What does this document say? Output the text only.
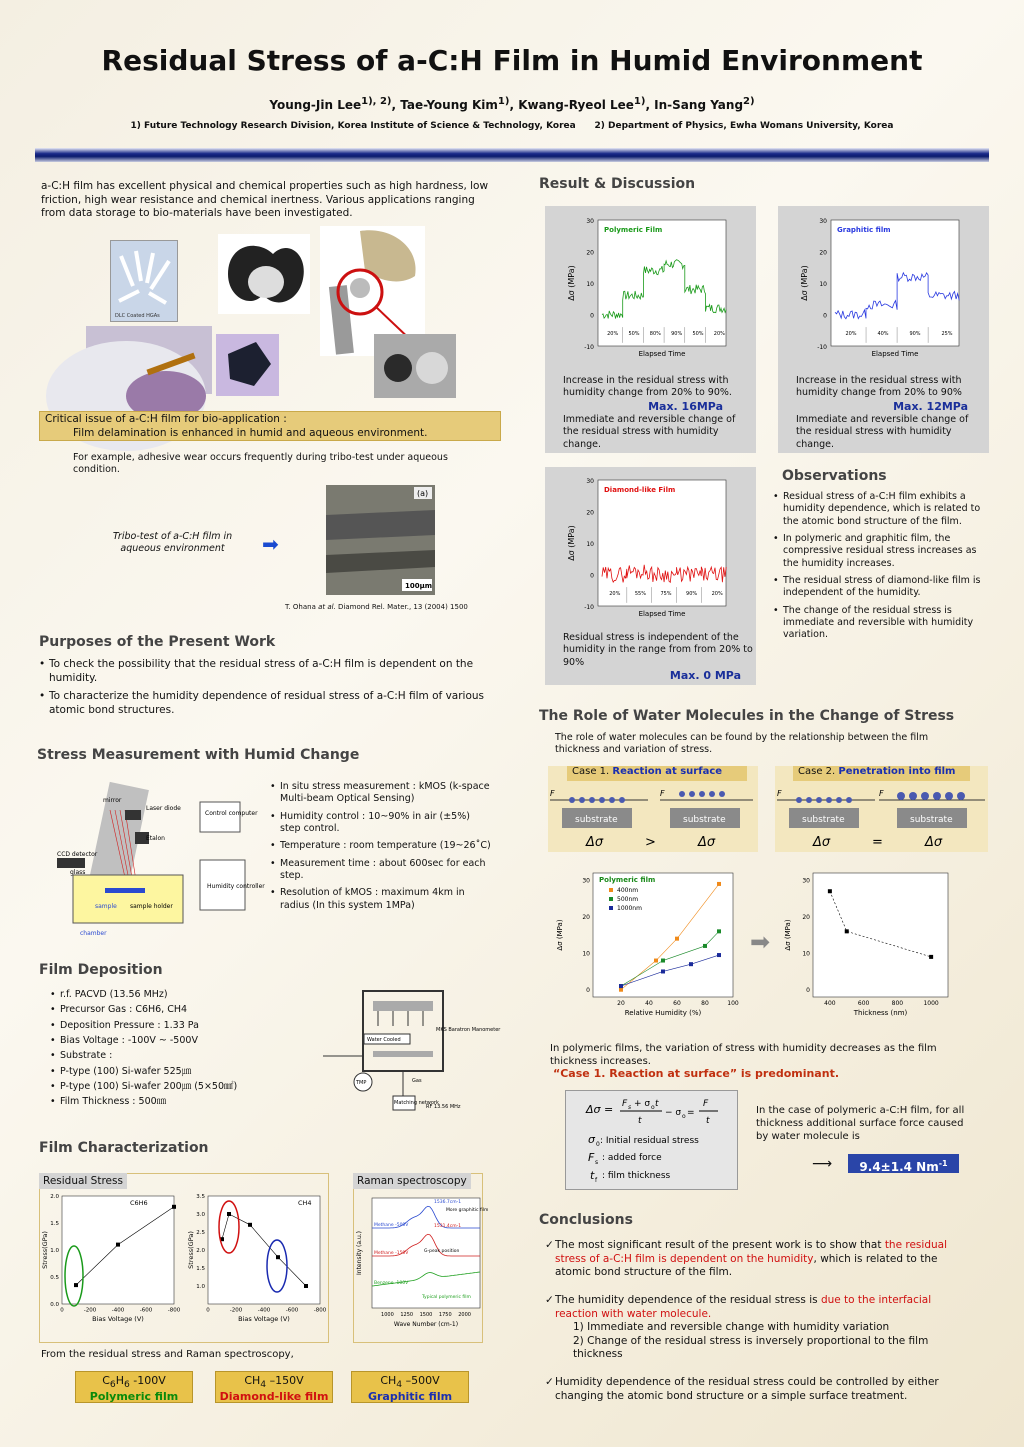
Residual Stress of a-C:H Film in Humid Environment
Young-Jin Lee$^{1), 2)}$, Tae-Young Kim$^{1)}$, Kwang-Ryeol Lee$^{1)}$, In-Sang Yang$^{2)}$
1) Future Technology Research Division, Korea Institute of Science & Technology, Korea 2) Department of Physics, Ewha Womans University, Korea
a-C:H film has excellent physical and chemical properties such as high hardness, low friction, high wear resistance and chemical inertness. Various applications ranging from data storage to bio-materials have been investigated.
DLC Coated HGAs
Critical issue of a-C:H film for bio-application :
Film delamination is enhanced in humid and aqueous environment.
For example, adhesive wear occurs frequently during tribo-test under aqueous condition.
Tribo-test of a-C:H film in aqueous environment	➡
(a)
100μm
T. Ohana at al. Diamond Rel. Mater., 13 (2004) 1500
Purposes of the Present Work
• To check the possibility that the residual stress of a-C:H film is dependent on the humidity.
• To characterize the humidity dependence of residual stress of a-C:H film of various atomic bond structures.
Stress Measurement with Humid Change
mirror
Laser diode
Control computer
Etalon
CCD detector
glass
sample sample holder
Humidity controller
chamber
• In situ stress measurement : kMOS (k-space Multi-beam Optical Sensing)
• Humidity control : 10~90% in air (±5%) step control.
• Temperature : room temperature (19~26˚C)
• Measurement time : about 600sec for each step.
• Resolution of kMOS : maximum 4km in radius (In this system 1MPa)
Film Deposition
• r.f. PACVD (13.56 MHz)
• Precursor Gas : C6H6, CH4
• Deposition Pressure : 1.33 Pa
• Bias Voltage : -100V ~ -500V
• Substrate :
• P-type (100) Si-wafer 525㎛
• P-type (100) Si-wafer 200㎛ (5×50㎟)
• Film Thickness : 500㎚
Water Cooled
MKS Baratron Manometer
TMP	Gas
Matching network
RF 13.56 MHz
Film Characterization
Residual Stress	Raman spectroscopy
0	-200	-400	-600	-800
2.0
1.5
1.0
0.5
0.0
Bias Voltage (V)
Stress(GPa)
C6H6
0	-200	-400	-600	-800
3.5
3.0
2.5
2.0
1.5
1.0
Bias Voltage (V)
Stress(GPa)
CH4
1000 1250 1500 1750 2000
Wave Number (cm-1)
Intensity (a.u.)
Methane -500V
Methane -150V
Benzene -100V
1536.7cm-1
More graphitic film
1531.4cm-1
G-peak position
Typical polymeric film
From the residual stress and Raman spectroscopy,
$C_6H_6$ -100V
Polymeric film
$CH_4$ –150V
Diamond-like film
$CH_4$ –500V
Graphitic film
Result & Discussion
30
20
10
0
-10
Polymeric Film
Δσ (MPa)
Elapsed Time
20% 50% 80% 90% 50% 20%
Increase in the residual stress with humidity change from 20% to 90%.
Max. 16MPa
Immediate and reversible change of the residual stress with humidity change.
30
20
10
0
-10
Graphitic film
Δσ (MPa)
Elapsed Time
20%	40%	90%	25%
Increase in the residual stress with humidity change from 20% to 90%
Max. 12MPa
Immediate and reversible change of the residual stress with humidity change.
30
20
10
0
-10
Diamond-like Film
Δσ (MPa)
Elapsed Time
20%	55%	75%	90%	20%
Residual stress is independent of the humidity in the range from from 20% to 90%
Max. 0 MPa
Observations
• Residual stress of a-C:H film exhibits a humidity dependence, which is related to the atomic bond structure of the film.
• In polymeric and graphitic film, the compressive residual stress increases as the humidity increases.
• The residual stress of diamond-like film is independent of the humidity.
• The change of the residual stress is immediate and reversible with humidity variation.
The Role of Water Molecules in the Change of Stress
The role of water molecules can be found by the relationship between the film thickness and variation of stress.
Case 1. Reaction at surface
F	F
substrate	substrate
Δσ	>	Δσ
Case 2. Penetration into film
F	F
substrate	substrate
Δσ	=	Δσ
20	40	60	80	100
30
20
10
0
Relative Humidity (%)
Δσ (MPa)
400nm
500nm
1000nm
Polymeric film
➡
400	600	800	1000
30
20
10
0
Thickness (nm)
Δσ (MPa)
In polymeric films, the variation of stress with humidity decreases as the film thickness increases.
“Case 1. Reaction at surface” is predominant.
Δσ = F s + σ o t
t
− σ o =
F
t
σ 0 : Initial residual stress
F s : added force
t f : film thickness
In the case of polymeric a-C:H film, for all thickness additional surface force caused by water molecule is
⟶	9.4±1.4 $Nm^{-1}$
Conclusions
✓ The most significant result of the present work is to show that the residual stress of a-C:H film is dependent on the humidity, which is related to the atomic bond structure of the film.
✓ The humidity dependence of the residual stress is due to the interfacial reaction with water molecule.
1) Immediate and reversible change with humidity variation
2) Change of the residual stress is inversely proportional to the film thickness
✓ Humidity dependence of the residual stress could be controlled by either changing the atomic bond structure or a simple surface treatment.
